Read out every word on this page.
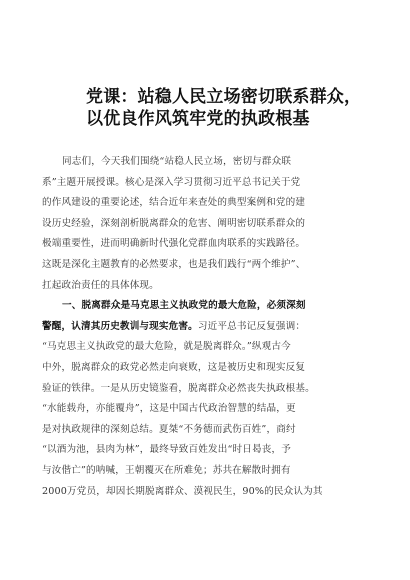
党课：站稳人民立场密切联系群众，
以优良作风筑牢党的执政根基
同志们，今天我们围绕“站稳人民立场，密切与群众联
系”主题开展授课。核心是深入学习贯彻习近平总书记关于党
的作风建设的重要论述，结合近年来查处的典型案例和党的建
设历史经验，深刻剖析脱离群众的危害、阐明密切联系群众的
极端重要性，进而明确新时代强化党群血肉联系的实践路径。
这既是深化主题教育的必然要求，也是我们践行“两个维护”、
扛起政治责任的具体体现。
一、脱离群众是马克思主义执政党的最大危险，必须深刻
警醒，认清其历史教训与现实危害。习近平总书记反复强调：
“马克思主义执政党的最大危险，就是脱离群众。”纵观古今
中外，脱离群众的政党必然走向衰败，这是被历史和现实反复
验证的铁律。一是从历史镜鉴看，脱离群众必然丧失执政根基。
“水能载舟，亦能覆舟”，这是中国古代政治智慧的结晶，更
是对执政规律的深刻总结。夏桀“不务德而武伤百姓”，商纣
“以酒为池，县肉为林”，最终导致百姓发出“时日曷丧，予
与汝偕亡”的呐喊，王朝覆灭在所难免；苏共在解散时拥有
2000万党员，却因长期脱离群众、漠视民生，90%的民众认为其
